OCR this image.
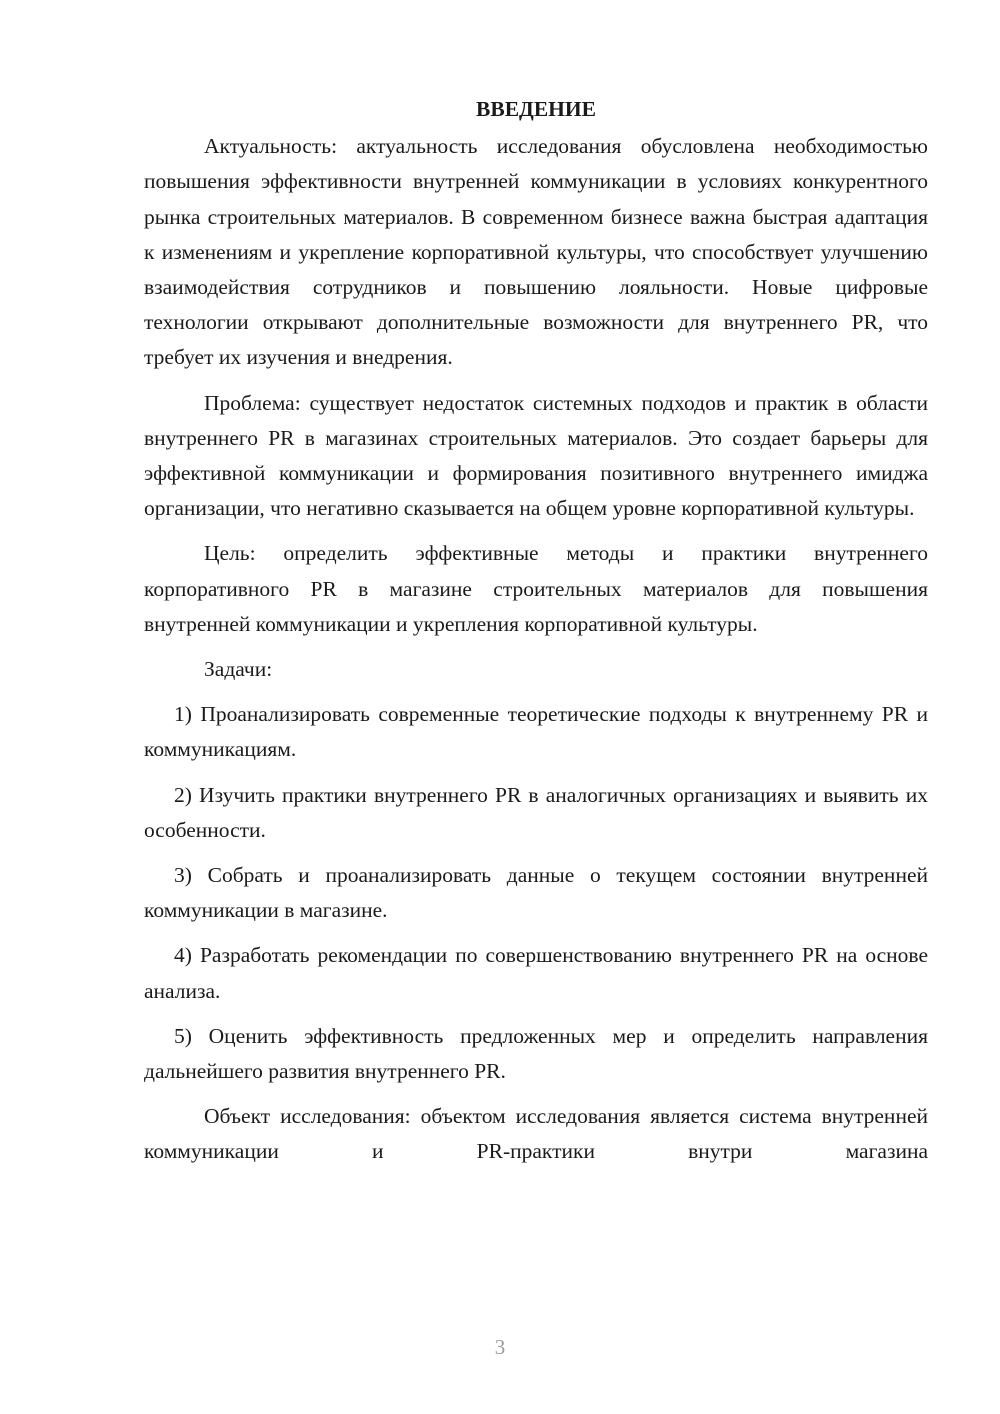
ВВЕДЕНИЕ

Актуальность: актуальность исследования обусловлена необходимостью повышения эффективности внутренней коммуникации в условиях конкурентного рынка строительных материалов. В современном бизнесе важна быстрая адаптация к изменениям и укрепление корпоративной культуры, что способствует улучшению взаимодействия сотрудников и повышению лояльности. Новые цифровые технологии открывают дополнительные возможности для внутреннего PR, что требует их изучения и внедрения.

Проблема: существует недостаток системных подходов и практик в области внутреннего PR в магазинах строительных материалов. Это создает барьеры для эффективной коммуникации и формирования позитивного внутреннего имиджа организации, что негативно сказывается на общем уровне корпоративной культуры.

Цель: определить эффективные методы и практики внутреннего корпоративного PR в магазине строительных материалов для повышения внутренней коммуникации и укрепления корпоративной культуры.

Задачи:

1) Проанализировать современные теоретические подходы к внутреннему PR и коммуникациям.

2) Изучить практики внутреннего PR в аналогичных организациях и выявить их особенности.

3) Собрать и проанализировать данные о текущем состоянии внутренней коммуникации в магазине.

4) Разработать рекомендации по совершенствованию внутреннего PR на основе анализа.

5) Оценить эффективность предложенных мер и определить направления дальнейшего развития внутреннего PR.

Объект исследования: объектом исследования является система внутренней коммуникации и PR-практики внутри магазина

3
